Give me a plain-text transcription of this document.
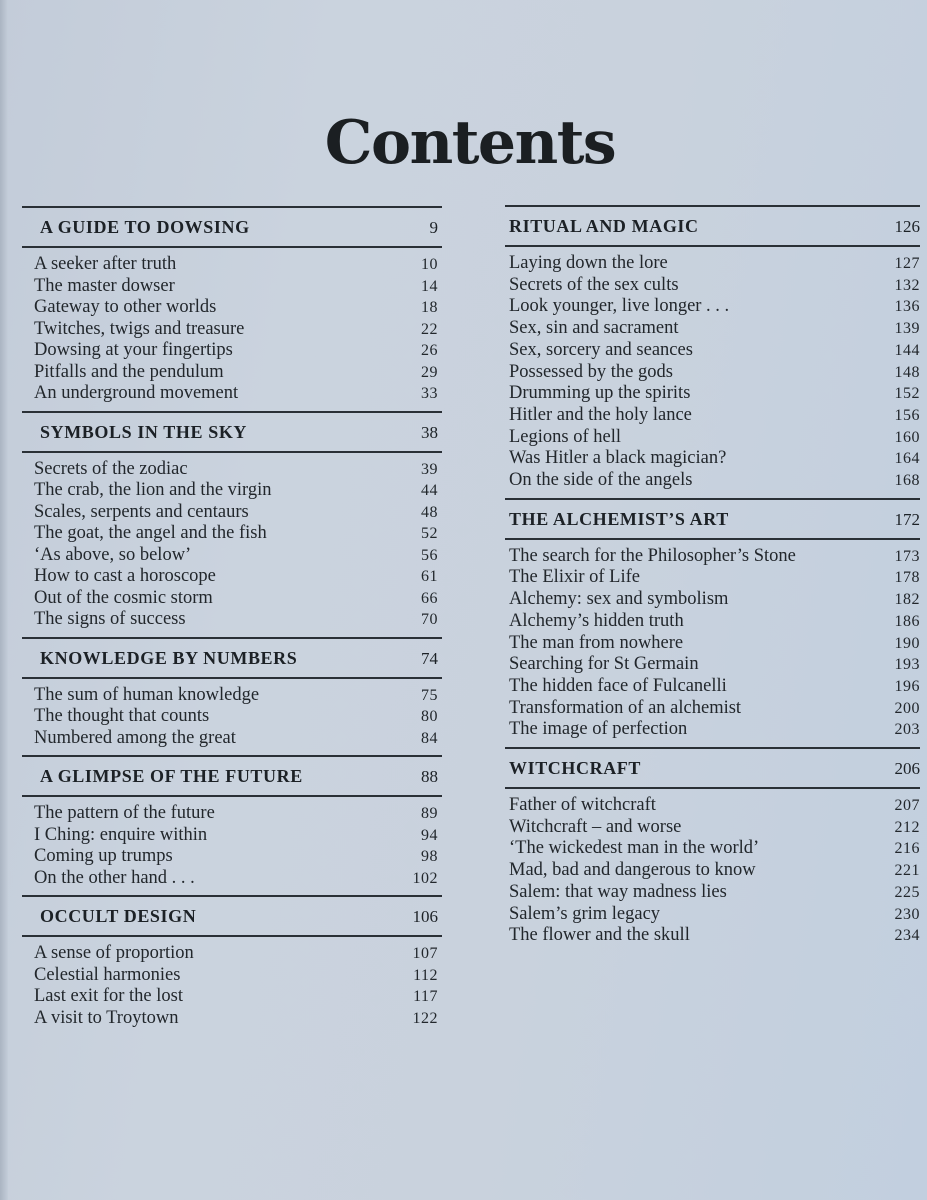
Contents
A GUIDE TO DOWSING	9
A seeker after truth	10
The master dowser	14
Gateway to other worlds	18
Twitches, twigs and treasure	22
Dowsing at your fingertips	26
Pitfalls and the pendulum	29
An underground movement	33
SYMBOLS IN THE SKY	38
Secrets of the zodiac	39
The crab, the lion and the virgin	44
Scales, serpents and centaurs	48
The goat, the angel and the fish	52
‘As above, so below’	56
How to cast a horoscope	61
Out of the cosmic storm	66
The signs of success	70
KNOWLEDGE BY NUMBERS	74
The sum of human knowledge	75
The thought that counts	80
Numbered among the great	84
A GLIMPSE OF THE FUTURE	88
The pattern of the future	89
I Ching: enquire within	94
Coming up trumps	98
On the other hand . . .	102
OCCULT DESIGN	106
A sense of proportion	107
Celestial harmonies	112
Last exit for the lost	117
A visit to Troytown	122
RITUAL AND MAGIC	126
Laying down the lore	127
Secrets of the sex cults	132
Look younger, live longer . . .	136
Sex, sin and sacrament	139
Sex, sorcery and seances	144
Possessed by the gods	148
Drumming up the spirits	152
Hitler and the holy lance	156
Legions of hell	160
Was Hitler a black magician?	164
On the side of the angels	168
THE ALCHEMIST’S ART	172
The search for the Philosopher’s Stone	173
The Elixir of Life	178
Alchemy: sex and symbolism	182
Alchemy’s hidden truth	186
The man from nowhere	190
Searching for St Germain	193
The hidden face of Fulcanelli	196
Transformation of an alchemist	200
The image of perfection	203
WITCHCRAFT	206
Father of witchcraft	207
Witchcraft – and worse	212
‘The wickedest man in the world’	216
Mad, bad and dangerous to know	221
Salem: that way madness lies	225
Salem’s grim legacy	230
The flower and the skull	234
